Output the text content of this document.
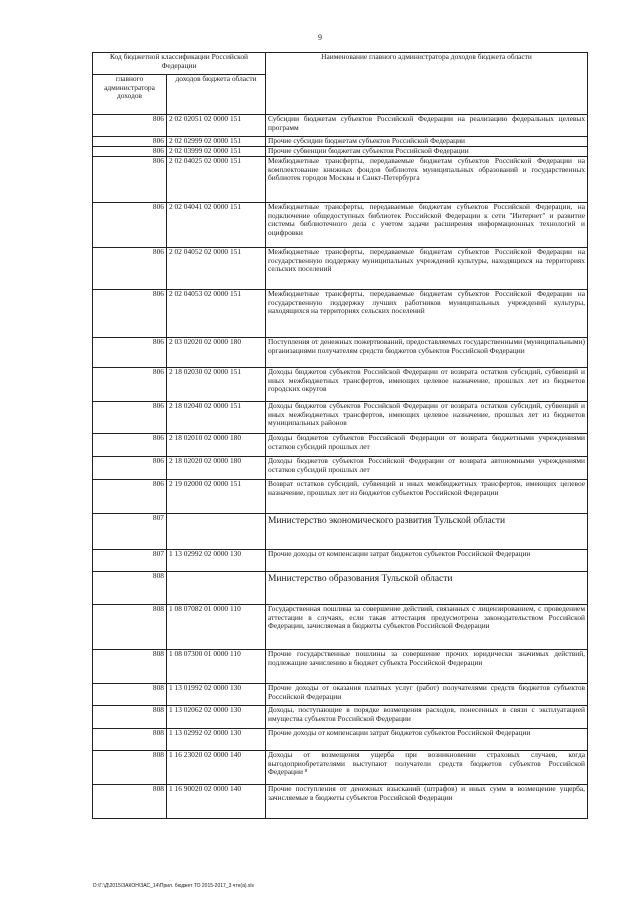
9
Код бюджетной классификации Российской Федерации		Наименование главного администратора доходов бюджета области
главного администратора доходов	доходов бюджета области	
806	2 02 02051 02 0000 151	Субсидии бюджетам субъектов Российской Федерации на реализацию федеральных целевых программ
806	2 02 02999 02 0000 151	Прочие субсидии бюджетам субъектов Российской Федерации
806	2 02 03999 02 0000 151	Прочие субвенции бюджетам субъектов Российской Федерации
806	2 02 04025 02 0000 151	Межбюджетные трансферты, передаваемые бюджетам субъектов Российской Федерации на комплектование книжных фондов библиотек муниципальных образований и государственных библиотек городов Москвы и Санкт-Петербурга
806	2 02 04041 02 0000 151	Межбюджетные трансферты, передаваемые бюджетам субъектов Российской Федерации, на подключение общедоступных библиотек Российской Федерации к сети "Интернет" и развитие системы библиотечного дела с учетом задачи расширения информационных технологий и оцифровки
806	2 02 04052 02 0000 151	Межбюджетные трансферты, передаваемые бюджетам субъектов Российской Федерации на государственную поддержку муниципальных учреждений культуры, находящихся на территориях сельских поселений
806	2 02 04053 02 0000 151	Межбюджетные трансферты, передаваемые бюджетам субъектов Российской Федерации на государственную поддержку лучших работников муниципальных учреждений культуры, находящихся на территориях сельских поселений
806	2 03 02020 02 0000 180	Поступления от денежных пожертвований, предоставляемых государственными (муниципальными) организациями получателям средств бюджетов субъектов Российской Федерации
806	2 18 02030 02 0000 151	Доходы бюджетов субъектов Российской Федерации от возврата остатков субсидий, субвенций и иных межбюджетных трансфертов, имеющих целевое назначение, прошлых лет из бюджетов городских округов
806	2 18 02040 02 0000 151	Доходы бюджетов субъектов Российской Федерации от возврата остатков субсидий, субвенций и иных межбюджетных трансфертов, имеющих целевое назначение, прошлых лет из бюджетов муниципальных районов
806	2 18 02010 02 0000 180	Доходы бюджетов субъектов Российской Федерации от возврата бюджетными учреждениями остатков субсидий прошлых лет
806	2 18 02020 02 0000 180	Доходы бюджетов субъектов Российской Федерации от возврата автономными учреждениями остатков субсидий прошлых лет
806	2 19 02000 02 0000 151	Возврат остатков субсидий, субвенций и иных межбюджетных трансфертов, имеющих целевое назначение, прошлых лет из бюджетов субъектов Российской Федерации
807		Министерство экономического развития Тульской области
807	1 13 02992 02 0000 130	Прочие доходы от компенсации затрат бюджетов субъектов Российской Федерации
808		Министерство образования Тульской области
808	1 08 07082 01 0000 110	Государственная пошлина за совершение действий, связанных с лицензированием, с проведением аттестации в случаях, если такая аттестация предусмотрена законодательством Российской Федерации, зачисляемая в бюджеты субъектов Российской Федерации
808	1 08 07300 01 0000 110	Прочие государственные пошлины за совершение прочих юридически значимых действий, подлежащие зачислению в бюджет субъекта Российской Федерации
808	1 13 01992 02 0000 130	Прочие доходы от оказания платных услуг (работ) получателями средств бюджетов субъектов Российской Федерации
808	1 13 02062 02 0000 130	Доходы, поступающие в порядке возмещения расходов, понесенных в связи с эксплуатацией имущества субъектов Российской Федерации
808	1 13 02992 02 0000 130	Прочие доходы от компенсации затрат бюджетов субъектов Российской Федерации
808	1 16 23020 02 0000 140	Доходы от возмещения ущерба при возникновении страховых случаев, когда выгодоприобретателями выступают получатели средств бюджетов субъектов Российской Федерации ⁸
808	1 16 90020 02 0000 140	Прочие поступления от денежных взысканий (штрафов) и иных сумм в возмещение ущерба, зачисляемые в бюджеты субъектов Российской Федерации
D:\Г:\Д\2015\ЗАКОН\ЗАС_14\Прил. бюджет ТО 2015-2017_3 чтн(а).xls
